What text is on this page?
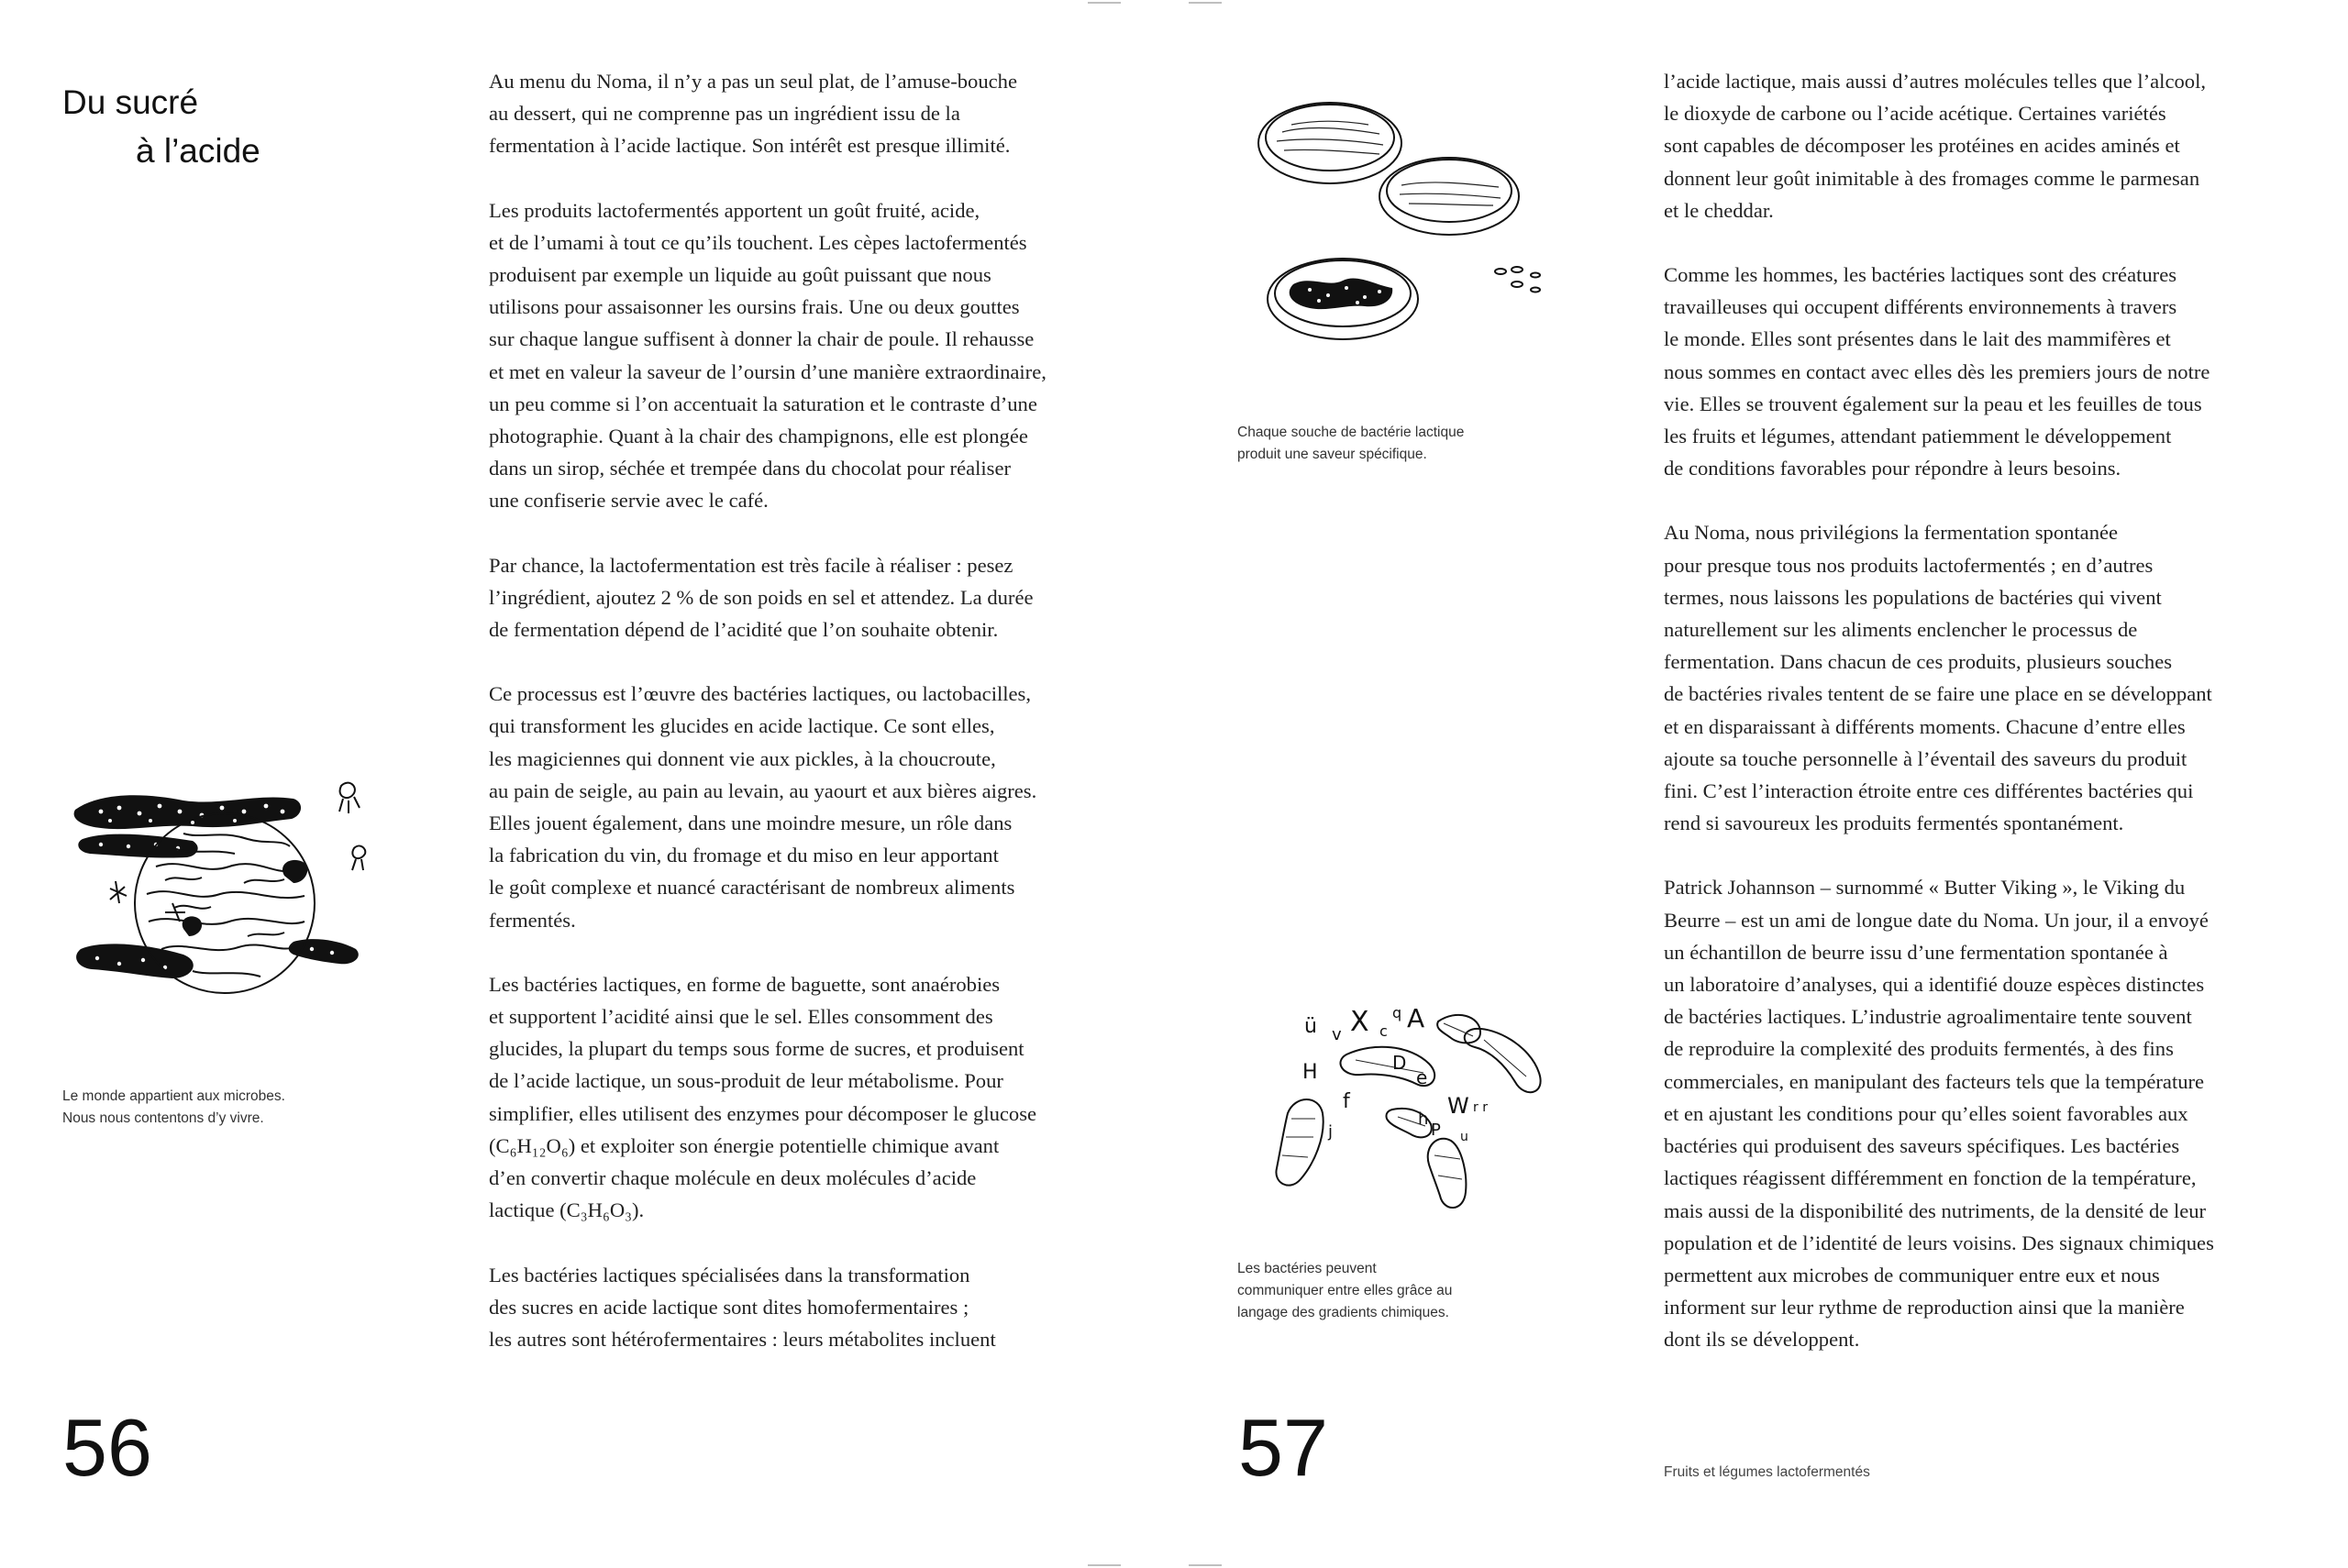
Du sucré
à l’acide

Au menu du Noma, il n’y a pas un seul plat, de l’amuse-bouche
au dessert, qui ne comprenne pas un ingrédient issu de la
fermentation à l’acide lactique. Son intérêt est presque illimité.

Les produits lactofermentés apportent un goût fruité, acide,
et de l’umami à tout ce qu’ils touchent. Les cèpes lactofermentés
produisent par exemple un liquide au goût puissant que nous
utilisons pour assaisonner les oursins frais. Une ou deux gouttes
sur chaque langue suffisent à donner la chair de poule. Il rehausse
et met en valeur la saveur de l’oursin d’une manière extraordinaire,
un peu comme si l’on accentuait la saturation et le contraste d’une
photographie. Quant à la chair des champignons, elle est plongée
dans un sirop, séchée et trempée dans du chocolat pour réaliser
une confiserie servie avec le café.

Par chance, la lactofermentation est très facile à réaliser : pesez
l’ingrédient, ajoutez 2 % de son poids en sel et attendez. La durée
de fermentation dépend de l’acidité que l’on souhaite obtenir.

Ce processus est l’œuvre des bactéries lactiques, ou lactobacilles,
qui transforment les glucides en acide lactique. Ce sont elles,
les magiciennes qui donnent vie aux pickles, à la choucroute,
au pain de seigle, au pain au levain, au yaourt et aux bières aigres.
Elles jouent également, dans une moindre mesure, un rôle dans
la fabrication du vin, du fromage et du miso en leur apportant
le goût complexe et nuancé caractérisant de nombreux aliments
fermentés.

Les bactéries lactiques, en forme de baguette, sont anaérobies
et supportent l’acidité ainsi que le sel. Elles consomment des
glucides, la plupart du temps sous forme de sucres, et produisent
de l’acide lactique, un sous-produit de leur métabolisme. Pour
simplifier, elles utilisent des enzymes pour décomposer le glucose
(C₆H₁₂O₆) et exploiter son énergie potentielle chimique avant
d’en convertir chaque molécule en deux molécules d’acide
lactique (C₃H₆O₃).

Les bactéries lactiques spécialisées dans la transformation
des sucres en acide lactique sont dites homofermentaires ;
les autres sont hétérofermentaires : leurs métabolites incluent

l’acide lactique, mais aussi d’autres molécules telles que l’alcool,
le dioxyde de carbone ou l’acide acétique. Certaines variétés
sont capables de décomposer les protéines en acides aminés et
donnent leur goût inimitable à des fromages comme le parmesan
et le cheddar.

Comme les hommes, les bactéries lactiques sont des créatures
travailleuses qui occupent différents environnements à travers
le monde. Elles sont présentes dans le lait des mammifères et
nous sommes en contact avec elles dès les premiers jours de notre
vie. Elles se trouvent également sur la peau et les feuilles de tous
les fruits et légumes, attendant patiemment le développement
de conditions favorables pour répondre à leurs besoins.

Au Noma, nous privilégions la fermentation spontanée
pour presque tous nos produits lactofermentés ; en d’autres
termes, nous laissons les populations de bactéries qui vivent
naturellement sur les aliments enclencher le processus de
fermentation. Dans chacun de ces produits, plusieurs souches
de bactéries rivales tentent de se faire une place en se développant
et en disparaissant à différents moments. Chacune d’entre elles
ajoute sa touche personnelle à l’éventail des saveurs du produit
fini. C’est l’interaction étroite entre ces différentes bactéries qui
rend si savoureux les produits fermentés spontanément.

Patrick Johannson – surnommé « Butter Viking », le Viking du
Beurre – est un ami de longue date du Noma. Un jour, il a envoyé
un échantillon de beurre issu d’une fermentation spontanée à
un laboratoire d’analyses, qui a identifié douze espèces distinctes
de bactéries lactiques. L’industrie agroalimentaire tente souvent
de reproduire la complexité des produits fermentés, à des fins
commerciales, en manipulant des facteurs tels que la température
et en ajustant les conditions pour qu’elles soient favorables aux
bactéries qui produisent des saveurs spécifiques. Les bactéries
lactiques réagissent différemment en fonction de la température,
mais aussi de la disponibilité des nutriments, de la densité de leur
population et de l’identité de leurs voisins. Des signaux chimiques
permettent aux microbes de communiquer entre eux et nous
informent sur leur rythme de reproduction ainsi que la manière
dont ils se développent.

Le monde appartient aux microbes.
Nous nous contentons d’y vivre.
Chaque souche de bactérie lactique
produit une saveur spécifique.
ü v X c
q A
H	D
e
f	W r r
j
h
P u
Les bactéries peuvent
communiquer entre elles grâce au
langage des gradients chimiques.
56	57	Fruits et légumes lactofermentés
